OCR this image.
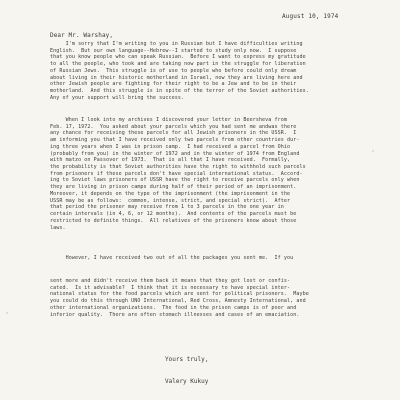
August 10, 1974
Dear Mr. Warshay,
I'm sorry that I'm writing to you in Russian but I have difficulties writing
English.  But our own language--Hebrew--I started to study only now.  I suppose
that you know people who can speak Russian.  Before I want to express my gratitude
to all the people, who took and are taking now part in the struggle for liberation
of Russian Jews.  This struggle is of use to people who before could only dream
about living in their historic motherland in Israel, now they are living here and
other Jewish people are fighting for their right to be a Jew and to be in their
motherland.  And this struggle is in spite of the terror of the Soviet authorities.
Any of your support will bring the success.
When I look into my archives I discovered your letter in Beersheva from
Feb. 17, 1972.  You asked about your parcels which you had sent me andwas there
any chance for receiving these parcels for all Jewish prisoners in the USSR.  I
am informing you that I have received only two parcels from other countries dur-
ing three years when I was in prison camp.  I had received a parcel from Ohio
(probably from you) in the winter of 1972 and in the winter of 1974 from England
with matzo on Passover of 1973.  That is all that I have received.  Formally,
the probability is that Soviet authorities have the right to withhold such parcels
from prisoners if these parcels don't have special international status.  Accord-
ing to Soviet laws prisoners of USSR have the right to receive parcels only when
they are living in prison camps during half of their period of an imprisonment.
Moreover, it depends on the type of the imprisonment (the imprisonment in the
USSR may be as follows:  common, intense, strict, and special strict).  After
that period the prisoner may receive from 1 to 3 parcels in the one year in
certain intervals (in 4, 6, or 12 months).  And contents of the parcels must be
restricted to definite things.  All relatives of the prisoners know about those
laws.
However, I have received two out of all the packages you sent me.  If you
sent more and didn't receive them back it means that they got lost or confis-
cated.  Is it advisable?  I think that it is necessary to have special inter-
national status for the food parcels which are sent for political prisoners.  Maybe
you could do this through UNO International, Red Cross, Amnesty International, and
other international organizations.  The food in the prison camps is of poor and
inferior quality.  There are often stomach illnesses and cases of an emaciation.
Yours truly,
Valery Kukuy
